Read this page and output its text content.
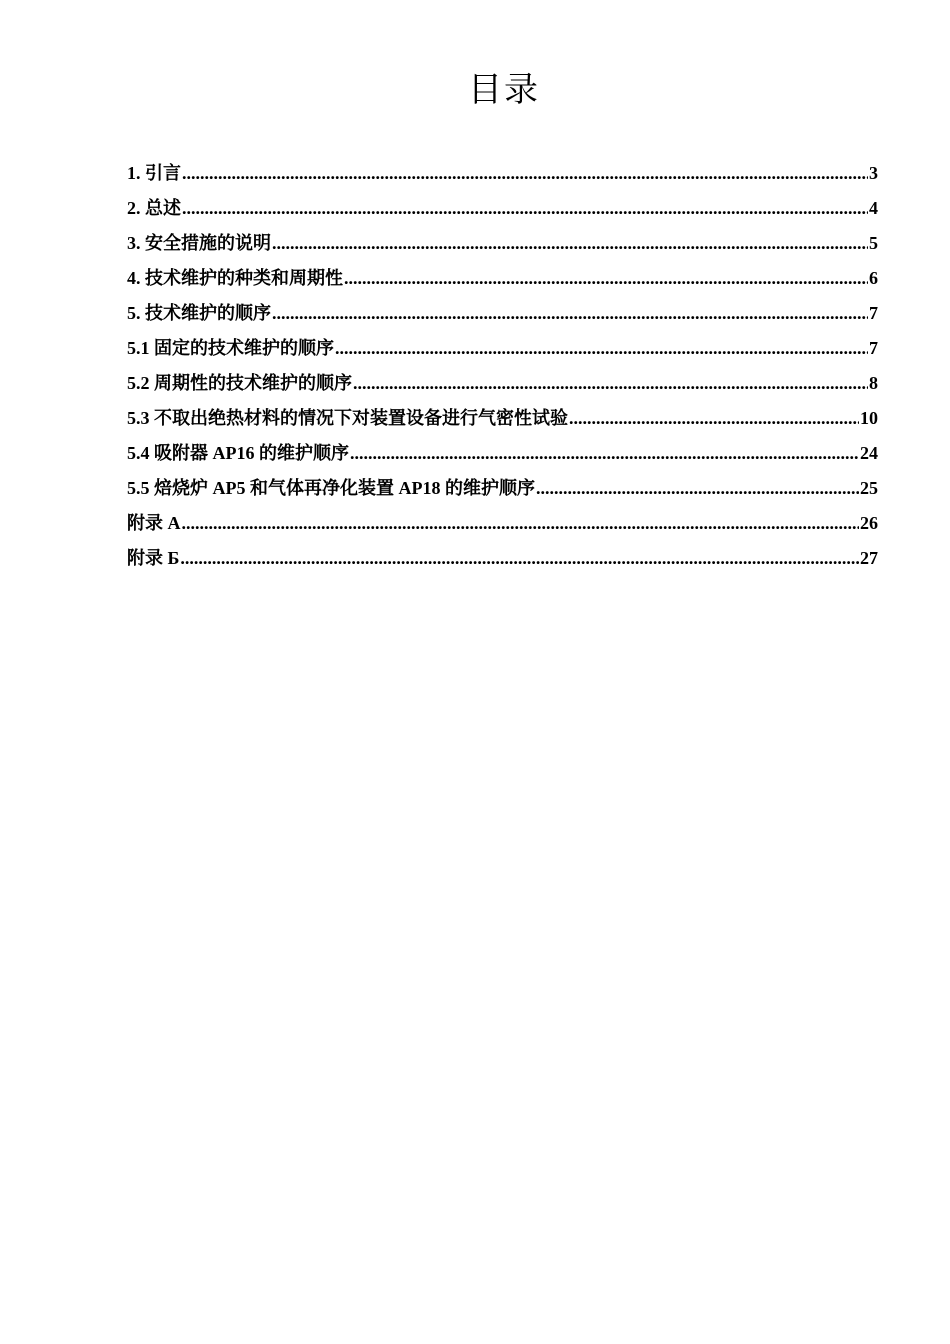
目录
1. 引言 .....	3
2. 总述 .....	4
3. 安全措施的说明 .....	5
4. 技术维护的种类和周期性 .....	6
5. 技术维护的顺序 .....	7
5.1 固定的技术维护的顺序 .....	7
5.2 周期性的技术维护的顺序 .....	8
5.3 不取出绝热材料的情况下对装置设备进行气密性试验 .....	10
5.4 吸附器 AP16 的维护顺序 .....	24
5.5 焙烧炉 AP5 和气体再净化装置 AP18 的维护顺序 .....	25
附录 A .....	26
附录 Б .....	27
